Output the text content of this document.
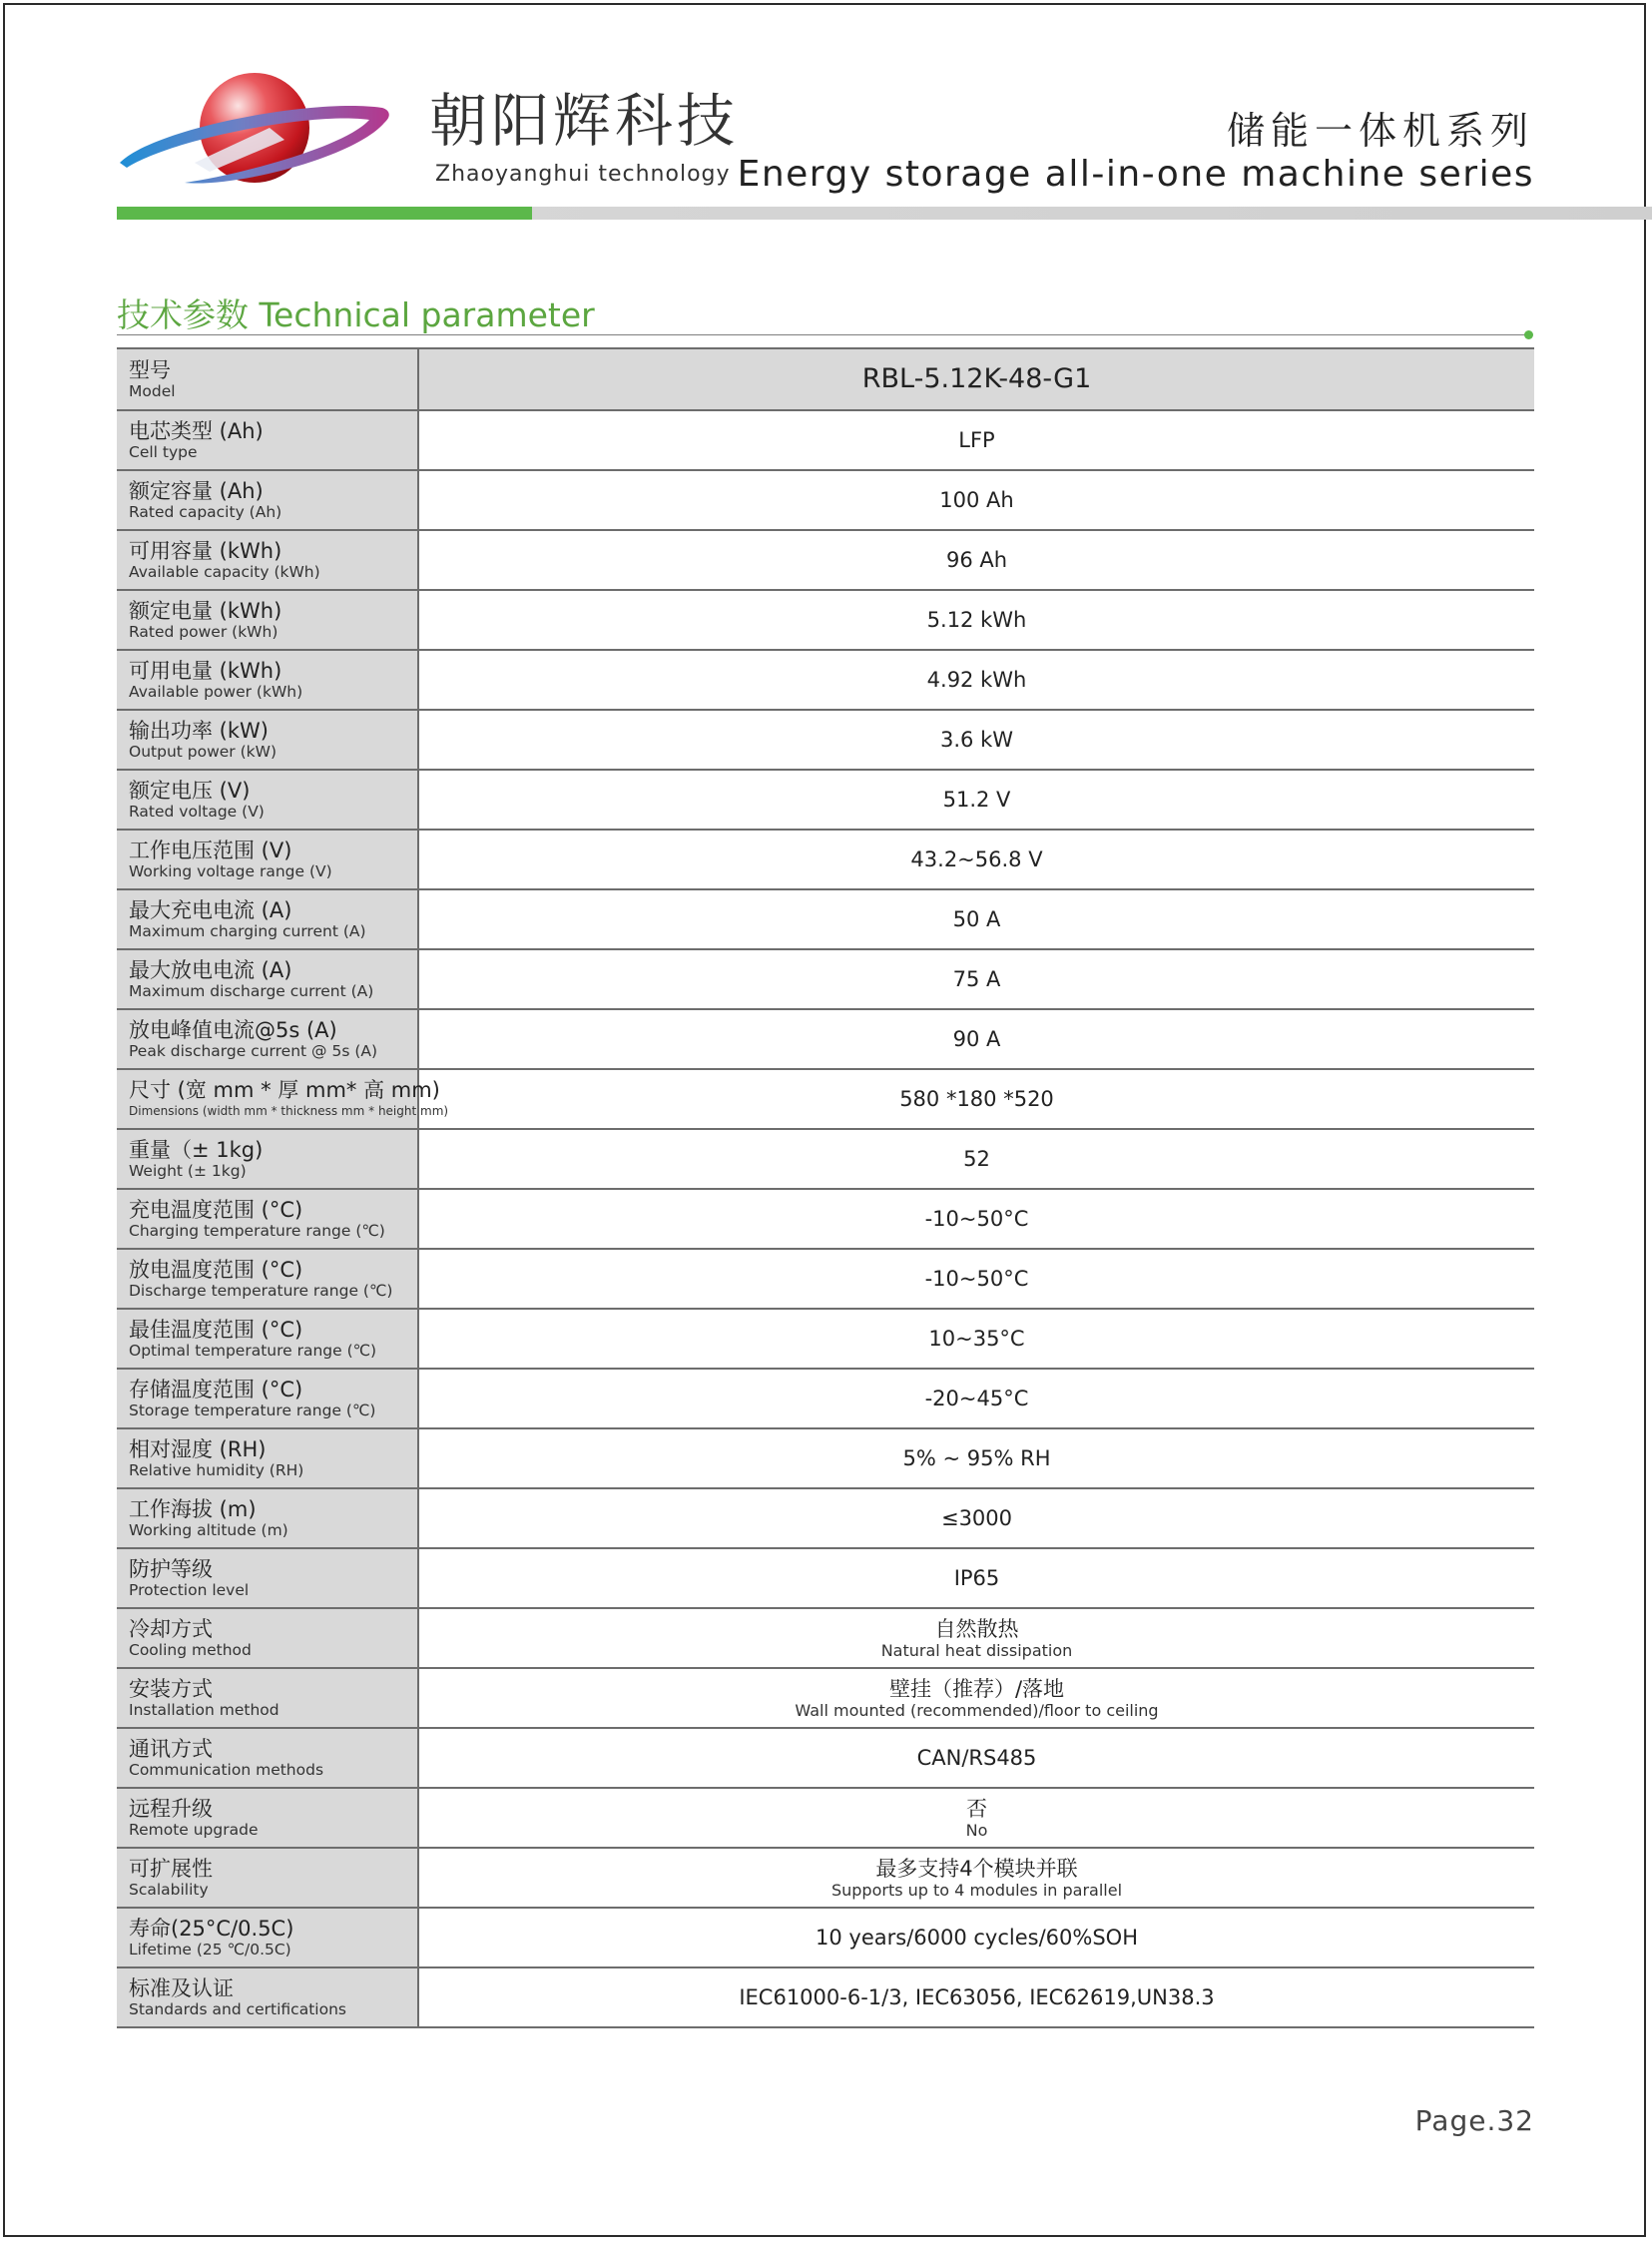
朝阳辉科技
Zhaoyanghui technology
储能一体机系列
Energy storage all-in-one machine series
技术参数 Technical parameter
型号
Model	RBL-5.12K-48-G1

电芯类型 (Ah)
Cell type	LFP

额定容量 (Ah)
Rated capacity (Ah)	100 Ah

可用容量 (kWh)
Available capacity (kWh)	96 Ah

额定电量 (kWh)
Rated power (kWh)	5.12 kWh

可用电量 (kWh)
Available power (kWh)	4.92 kWh

输出功率 (kW)
Output power (kW)	3.6 kW

额定电压 (V)
Rated voltage (V)	51.2 V

工作电压范围 (V)
Working voltage range (V)	43.2~56.8 V

最大充电电流 (A)
Maximum charging current (A)	50 A

最大放电电流 (A)
Maximum discharge current (A)	75 A

放电峰值电流@5s (A)
Peak discharge current @ 5s (A)	90 A

尺寸 (宽 mm * 厚 mm* 高 mm)
Dimensions (width mm * thickness mm * height mm)	580 *180 *520

重量（± 1kg)
Weight (± 1kg)	52

充电温度范围 (°C)
Charging temperature range (℃)	-10~50°C

放电温度范围 (°C)
Discharge temperature range (℃)	-10~50°C

最佳温度范围 (°C)
Optimal temperature range (℃)	10~35°C

存储温度范围 (°C)
Storage temperature range (℃)	-20~45°C

相对湿度 (RH)
Relative humidity (RH)	5% ~ 95% RH

工作海拔 (m)
Working altitude (m)	≤3000

防护等级
Protection level	IP65

冷却方式
Cooling method	自然散热
Natural heat dissipation

安装方式
Installation method	壁挂（推荐）/落地
Wall mounted (recommended)/floor to ceiling

通讯方式
Communication methods	CAN/RS485

远程升级
Remote upgrade	否
No

可扩展性
Scalability	最多支持4个模块并联
Supports up to 4 modules in parallel

寿命(25°C/0.5C)
Lifetime (25 ℃/0.5C)	10 years/6000 cycles/60%SOH

标准及认证
Standards and certifications	IEC61000-6-1/3, IEC63056, IEC62619,UN38.3
Page.32
